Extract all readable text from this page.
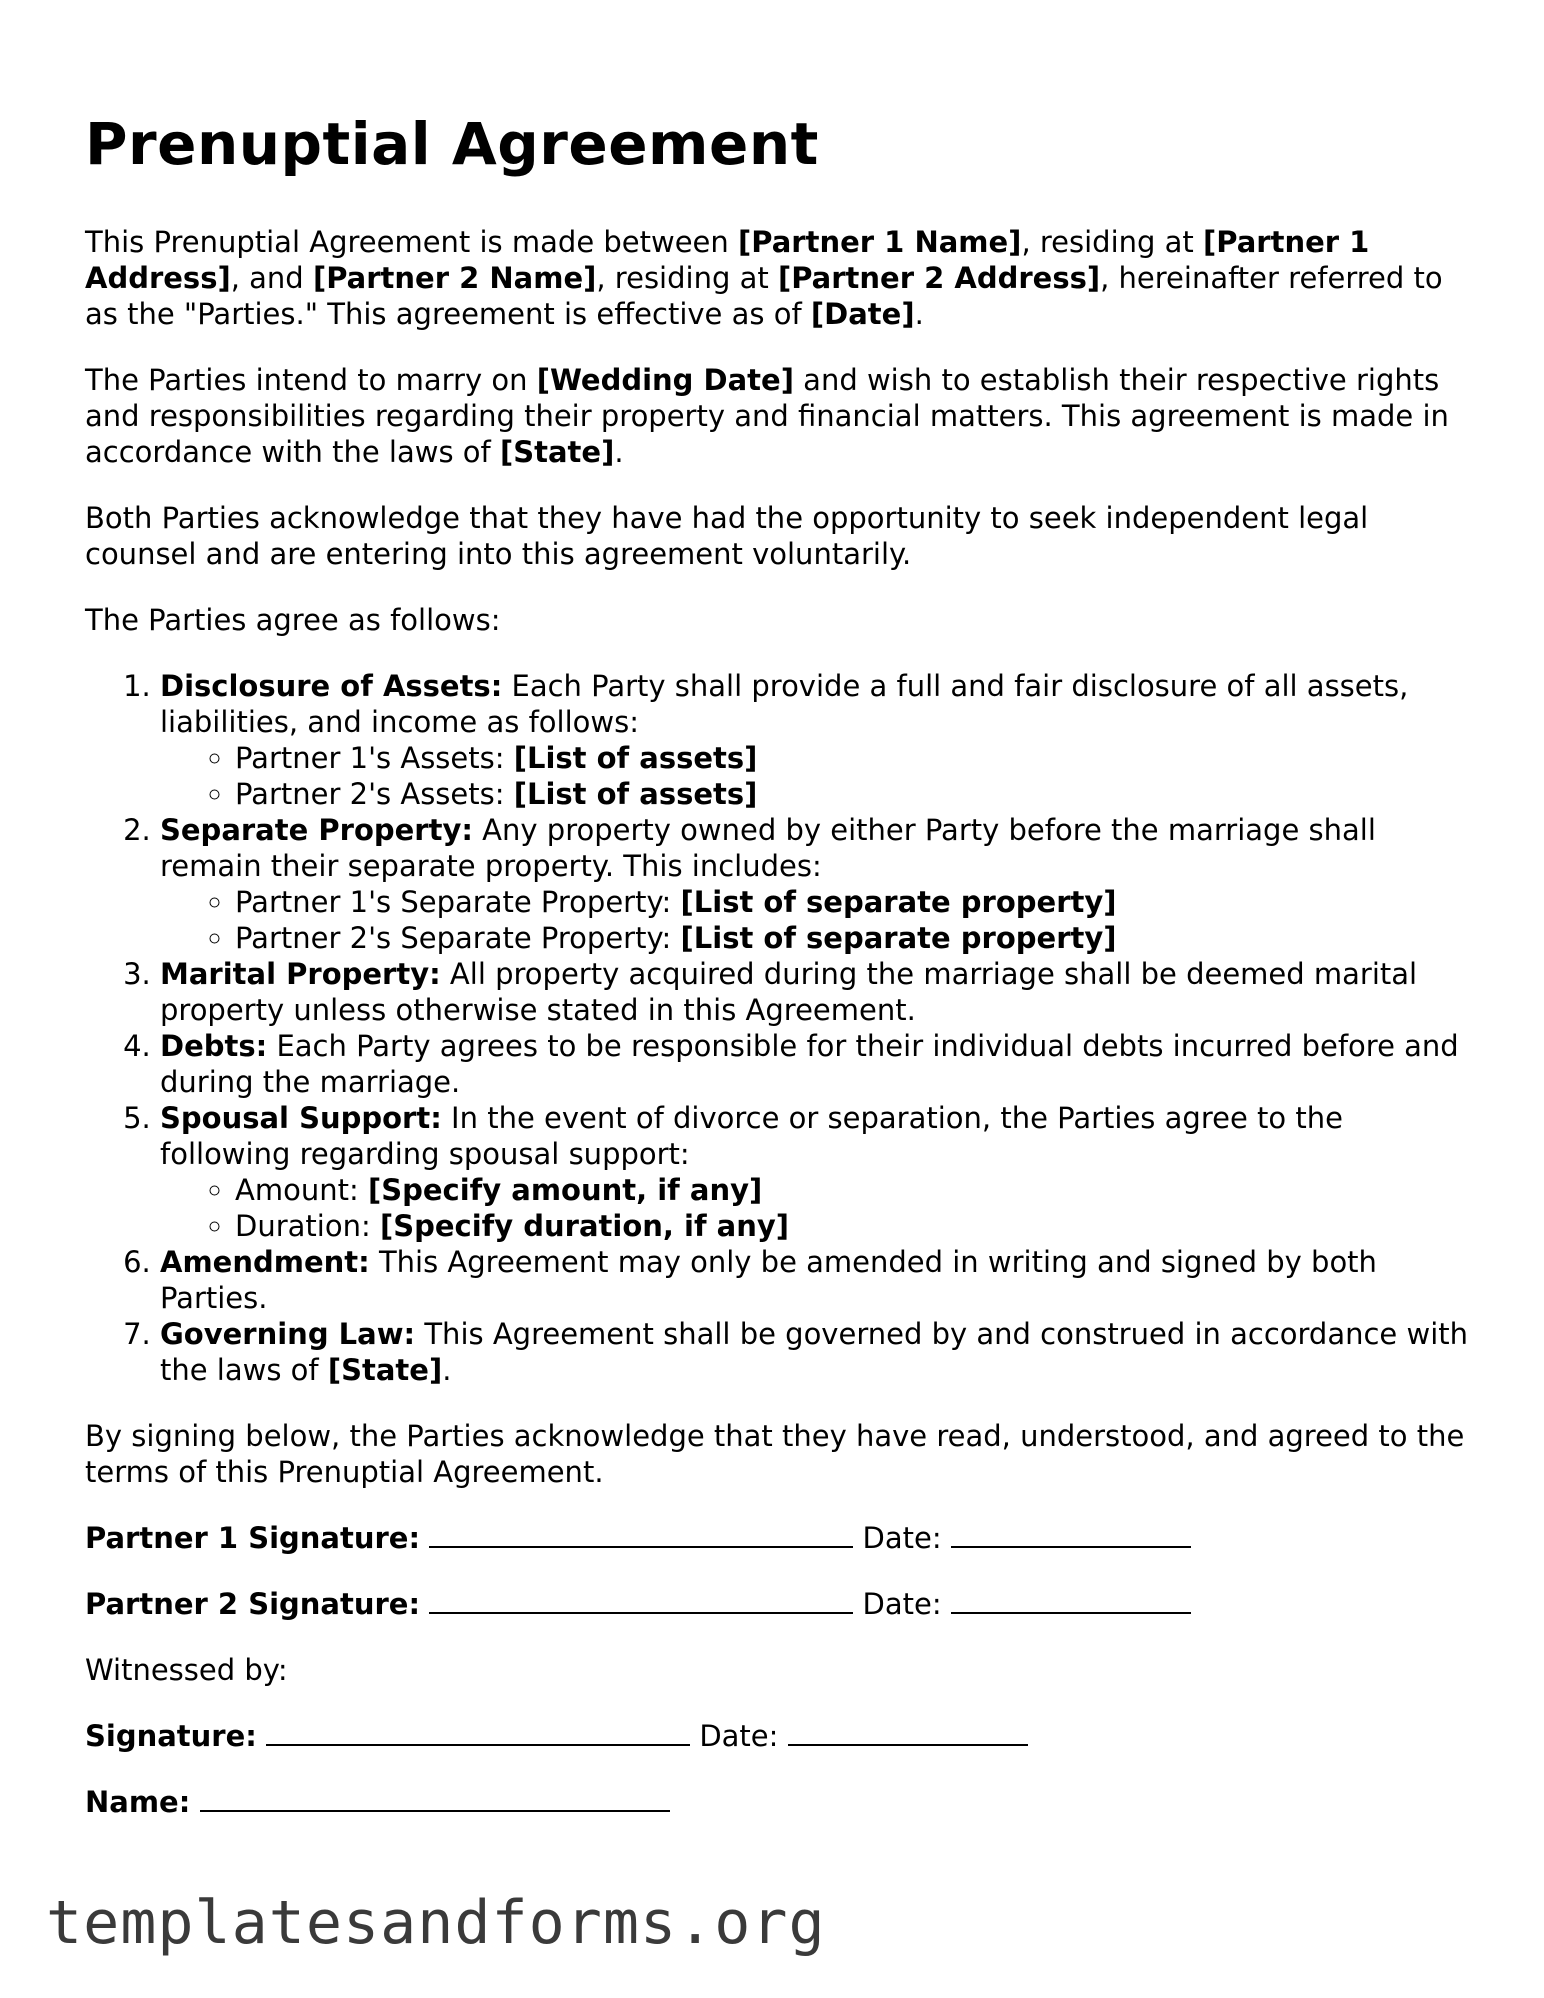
Prenuptial Agreement

This Prenuptial Agreement is made between [Partner 1 Name], residing at [Partner 1 Address], and [Partner 2 Name], residing at [Partner 2 Address], hereinafter referred to as the "Parties." This agreement is effective as of [Date].

The Parties intend to marry on [Wedding Date] and wish to establish their respective rights and responsibilities regarding their property and financial matters. This agreement is made in accordance with the laws of [State].

Both Parties acknowledge that they have had the opportunity to seek independent legal counsel and are entering into this agreement voluntarily.

The Parties agree as follows:

1. Disclosure of Assets: Each Party shall provide a full and fair disclosure of all assets, liabilities, and income as follows:
◦ Partner 1's Assets: [List of assets]
◦ Partner 2's Assets: [List of assets]
2. Separate Property: Any property owned by either Party before the marriage shall remain their separate property. This includes:
◦ Partner 1's Separate Property: [List of separate property]
◦ Partner 2's Separate Property: [List of separate property]
3. Marital Property: All property acquired during the marriage shall be deemed marital property unless otherwise stated in this Agreement.
4. Debts: Each Party agrees to be responsible for their individual debts incurred before and during the marriage.
5. Spousal Support: In the event of divorce or separation, the Parties agree to the following regarding spousal support:
◦ Amount: [Specify amount, if any]
◦ Duration: [Specify duration, if any]
6. Amendment: This Agreement may only be amended in writing and signed by both Parties.
7. Governing Law: This Agreement shall be governed by and construed in accordance with the laws of [State].

By signing below, the Parties acknowledge that they have read, understood, and agreed to the terms of this Prenuptial Agreement.

Partner 1 Signature:	Date:
Partner 2 Signature:	Date:
Witnessed by:
Signature:	Date:
Name:
templatesandforms.org
